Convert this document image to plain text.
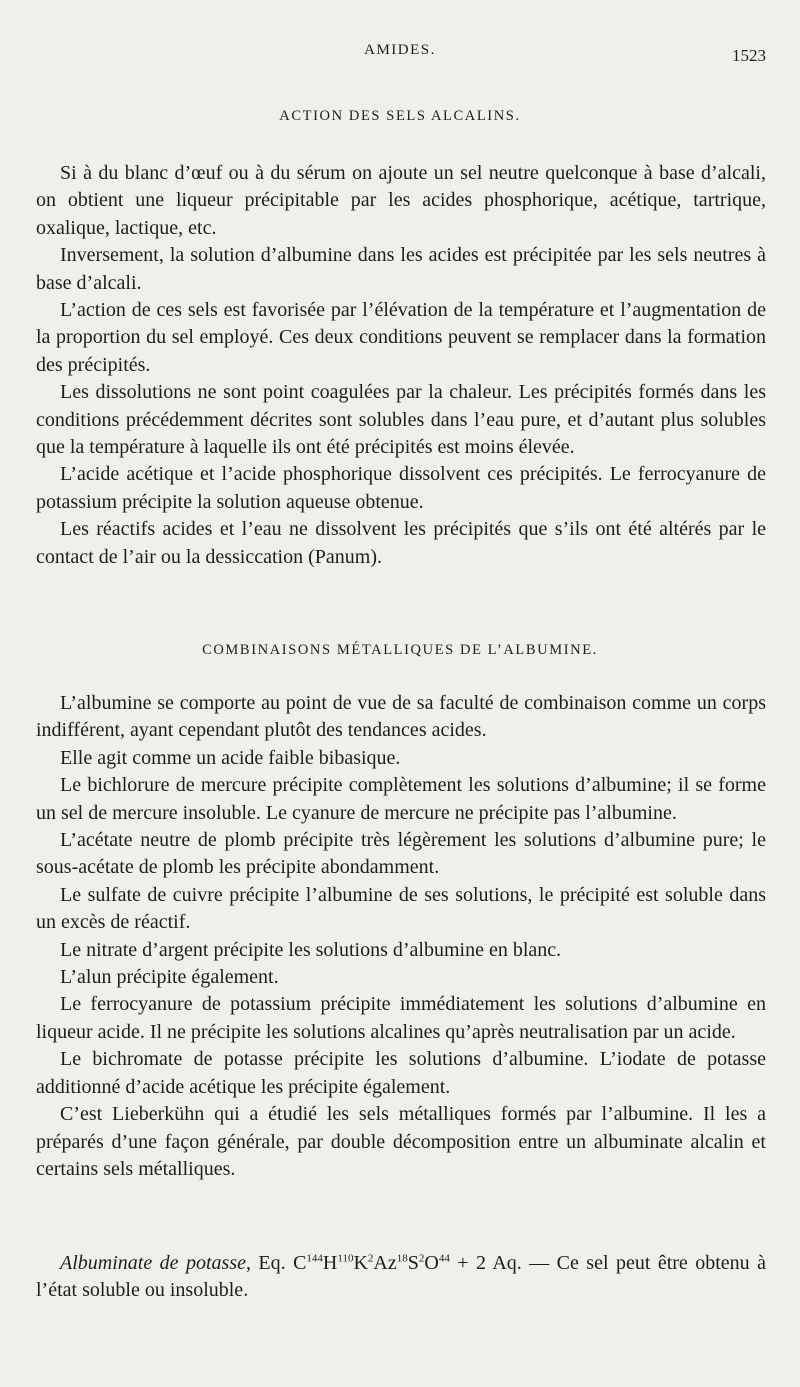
AMIDES.	1523
ACTION DES SELS ALCALINS.

Si à du blanc d’œuf ou à du sérum on ajoute un sel neutre quelconque à base d’alcali, on obtient une liqueur précipitable par les acides phosphorique, acétique, tartrique, oxalique, lactique, etc.

Inversement, la solution d’albumine dans les acides est précipitée par les sels neutres à base d’alcali.

L’action de ces sels est favorisée par l’élévation de la température et l’augmentation de la proportion du sel employé. Ces deux conditions peuvent se remplacer dans la formation des précipités.

Les dissolutions ne sont point coagulées par la chaleur. Les précipités formés dans les conditions précédemment décrites sont solubles dans l’eau pure, et d’autant plus solubles que la température à laquelle ils ont été précipités est moins élevée.

L’acide acétique et l’acide phosphorique dissolvent ces précipités. Le ferrocyanure de potassium précipite la solution aqueuse obtenue.

Les réactifs acides et l’eau ne dissolvent les précipités que s’ils ont été altérés par le contact de l’air ou la dessiccation (Panum).

COMBINAISONS MÉTALLIQUES DE L’ALBUMINE.

L’albumine se comporte au point de vue de sa faculté de combinaison comme un corps indifférent, ayant cependant plutôt des tendances acides.

Elle agit comme un acide faible bibasique.

Le bichlorure de mercure précipite complètement les solutions d’albumine; il se forme un sel de mercure insoluble. Le cyanure de mercure ne précipite pas l’albumine.

L’acétate neutre de plomb précipite très légèrement les solutions d’albumine pure; le sous-acétate de plomb les précipite abondamment.

Le sulfate de cuivre précipite l’albumine de ses solutions, le précipité est soluble dans un excès de réactif.

Le nitrate d’argent précipite les solutions d’albumine en blanc.

L’alun précipite également.

Le ferrocyanure de potassium précipite immédiatement les solutions d’albumine en liqueur acide. Il ne précipite les solutions alcalines qu’après neutralisation par un acide.

Le bichromate de potasse précipite les solutions d’albumine. L’iodate de potasse additionné d’acide acétique les précipite également.

C’est Lieberkühn qui a étudié les sels métalliques formés par l’albumine. Il les a préparés d’une façon générale, par double décomposition entre un albuminate alcalin et certains sels métalliques.

Albuminate de potasse, Eq. $C^{144}H^{110}K^2Az^{18}S^2O^{44} + 2$ Aq. — Ce sel peut être obtenu à l’état soluble ou insoluble.
